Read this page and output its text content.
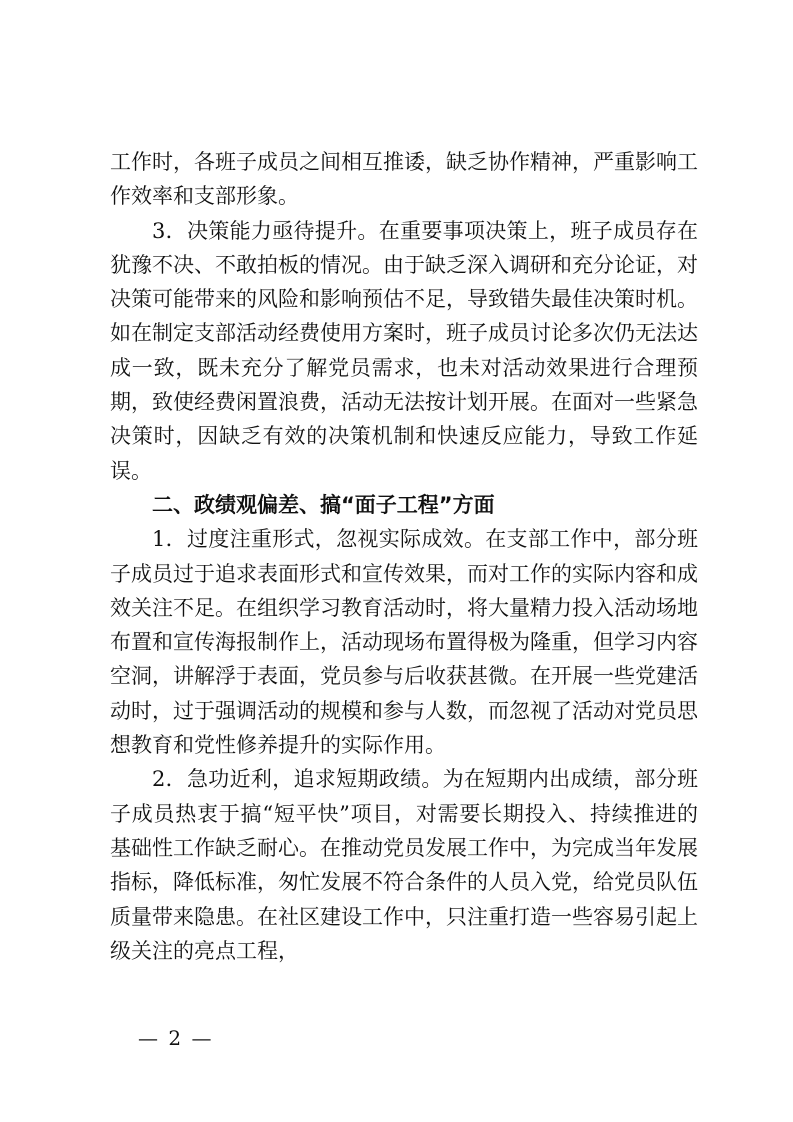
工作时，各班子成员之间相互推诿，缺乏协作精神，严重影响工作效率和支部形象。

3．决策能力亟待提升。在重要事项决策上，班子成员存在犹豫不决、不敢拍板的情况。由于缺乏深入调研和充分论证，对决策可能带来的风险和影响预估不足，导致错失最佳决策时机。如在制定支部活动经费使用方案时，班子成员讨论多次仍无法达成一致，既未充分了解党员需求，也未对活动效果进行合理预期，致使经费闲置浪费，活动无法按计划开展。在面对一些紧急决策时，因缺乏有效的决策机制和快速反应能力，导致工作延误。

二、政绩观偏差、搞“面子工程”方面

1．过度注重形式，忽视实际成效。在支部工作中，部分班子成员过于追求表面形式和宣传效果，而对工作的实际内容和成效关注不足。在组织学习教育活动时，将大量精力投入活动场地布置和宣传海报制作上，活动现场布置得极为隆重，但学习内容空洞，讲解浮于表面，党员参与后收获甚微。在开展一些党建活动时，过于强调活动的规模和参与人数，而忽视了活动对党员思想教育和党性修养提升的实际作用。

2．急功近利，追求短期政绩。为在短期内出成绩，部分班子成员热衷于搞“短平快”项目，对需要长期投入、持续推进的基础性工作缺乏耐心。在推动党员发展工作中，为完成当年发展指标，降低标准，匆忙发展不符合条件的人员入党，给党员队伍质量带来隐患。在社区建设工作中，只注重打造一些容易引起上级关注的亮点工程，

— 2 —
